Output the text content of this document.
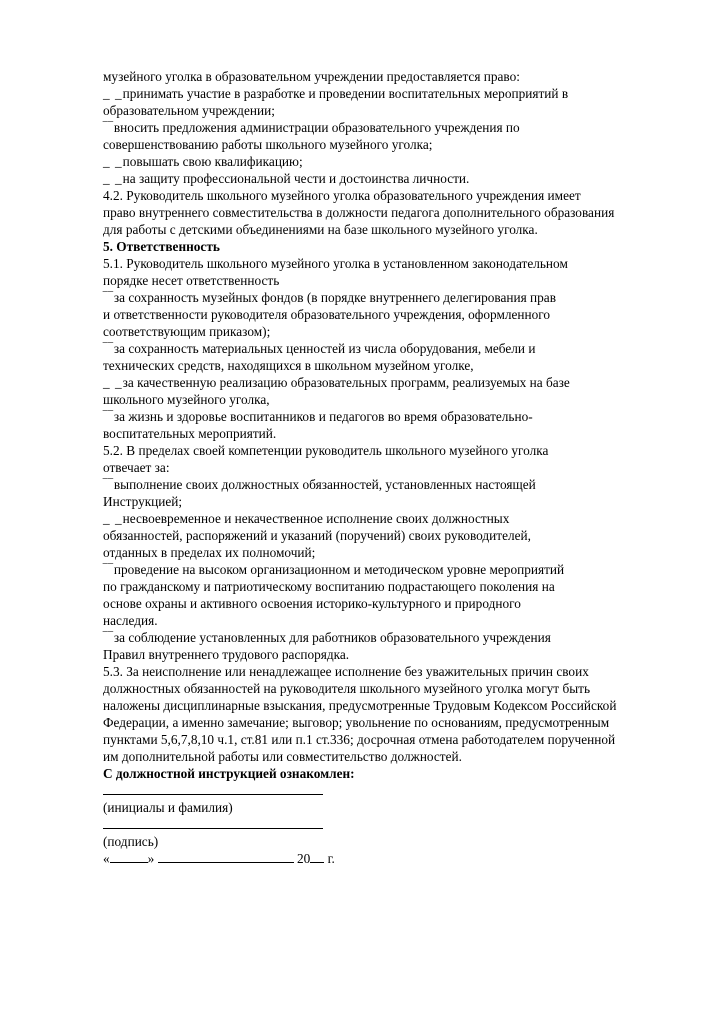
музейного уголка в образовательном учреждении предоставляется право:
_ _принимать участие в разработке и проведении воспитательных мероприятий в
образовательном учреждении;
‾‾вносить предложения администрации образовательного учреждения по
совершенствованию работы школьного музейного уголка;
_ _повышать свою квалификацию;
_ _на защиту профессиональной чести и достоинства личности.
4.2. Руководитель школьного музейного уголка образовательного учреждения имеет
право внутреннего совместительства в должности педагога дополнительного образования
для работы с детскими объединениями на базе школьного музейного уголка.
5. Ответственность
5.1. Руководитель школьного музейного уголка в установленном законодательном
порядке несет ответственность
‾‾за сохранность музейных фондов (в порядке внутреннего делегирования прав
и ответственности руководителя образовательного учреждения, оформленного
соответствующим приказом);
‾‾за сохранность материальных ценностей из числа оборудования, мебели и
технических средств, находящихся в школьном музейном уголке,
_ _за качественную реализацию образовательных программ, реализуемых на базе
школьного музейного уголка,
‾‾за жизнь и здоровье воспитанников и педагогов во время образовательно-
воспитательных мероприятий.
5.2. В пределах своей компетенции руководитель школьного музейного уголка
отвечает за:
‾‾выполнение своих должностных обязанностей, установленных настоящей
Инструкцией;
_ _несвоевременное и некачественное исполнение своих должностных
обязанностей, распоряжений и указаний (поручений) своих руководителей,
отданных в пределах их полномочий;
‾‾проведение на высоком организационном и методическом уровне мероприятий
по гражданскому и патриотическому воспитанию подрастающего поколения на
основе охраны и активного освоения историко-культурного и природного
наследия.
‾‾за соблюдение установленных для работников образовательного учреждения
Правил внутреннего трудового распорядка.
5.3. За неисполнение или ненадлежащее исполнение без уважительных причин своих
должностных обязанностей на руководителя школьного музейного уголка могут быть
наложены дисциплинарные взыскания, предусмотренные Трудовым Кодексом Российской
Федерации, а именно замечание; выговор; увольнение по основаниям, предусмотренным
пунктами 5,6,7,8,10 ч.1, ст.81 или п.1 ст.336; досрочная отмена работодателем порученной
им дополнительной работы или совместительство должностей.
С должностной инструкцией ознакомлен:
(инициалы и фамилия)
(подпись)
«	»	20 г.
